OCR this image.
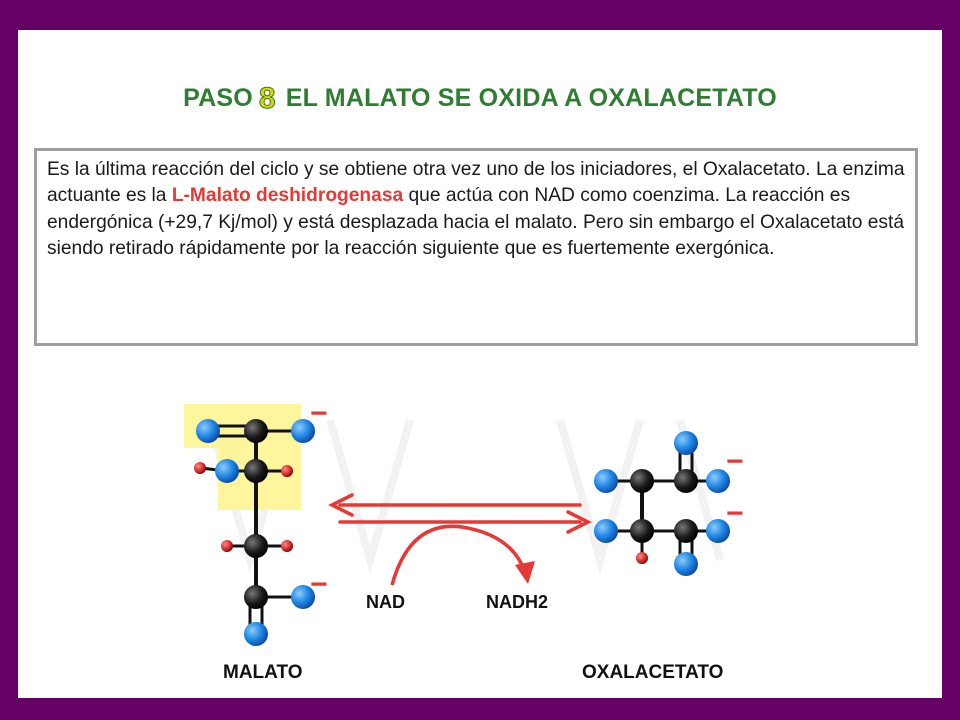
PASO 8 EL MALATO SE OXIDA A OXALACETATO
Es la última reacción del ciclo y se obtiene otra vez uno de los iniciadores, el Oxalacetato. La enzima actuante es la L-Malato deshidrogenasa que actúa con NAD como coenzima. La reacción es endergónica (+29,7 Kj/mol) y está desplazada hacia el malato. Pero sin embargo el Oxalacetato está siendo retirado rápidamente por la reacción siguiente que es fuertemente exergónica.
−
−
−
−
NAD	NADH2
MALATO	OXALACETATO
